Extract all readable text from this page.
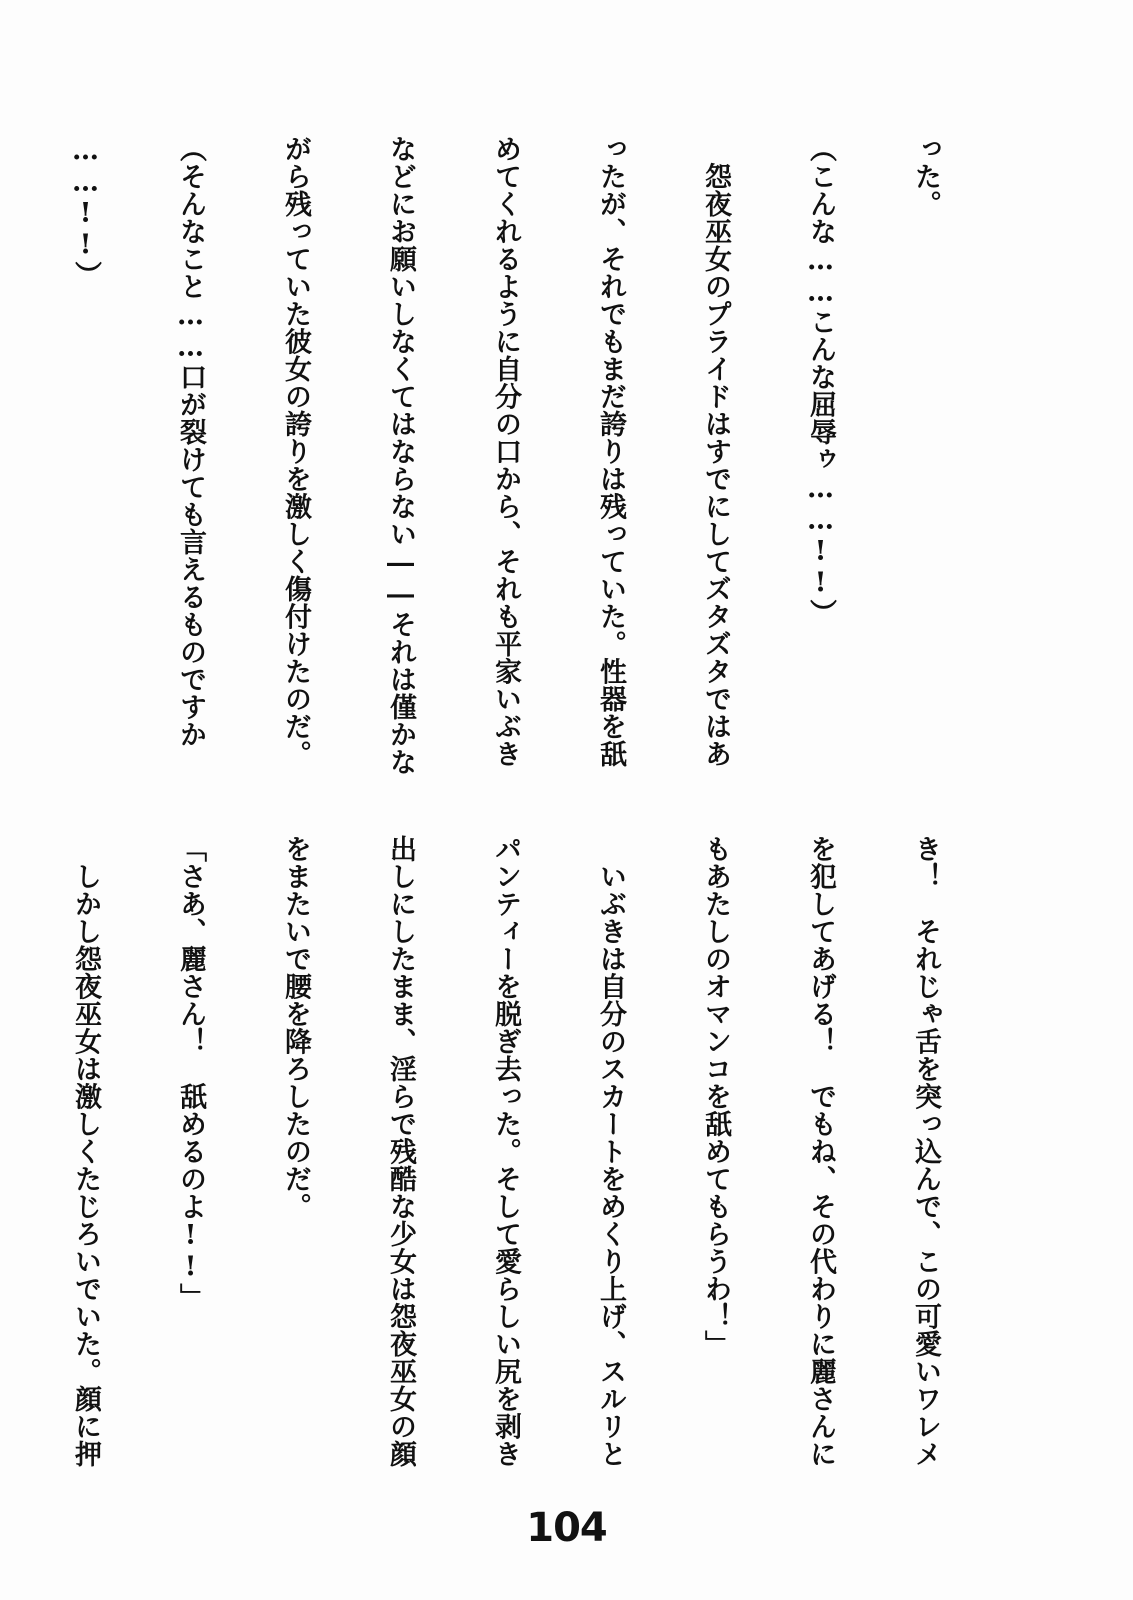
った。

（こんな……こんな屈辱ゥ……!!）

　怨夜巫女のプライドはすでにしてズタズタではあ

ったが、それでもまだ誇りは残っていた。性器を舐

めてくれるように自分の口から、それも平家いぶき

などにお願いしなくてはならない――それは僅かな

がら残っていた彼女の誇りを激しく傷付けたのだ。

（そんなこと……口が裂けても言えるものですか

……!!）

き！　それじゃ舌を突っ込んで、この可愛いワレメ

を犯してあげる！　でもね、その代わりに麗さんに

もあたしのオマンコを舐めてもらうわ！」

　いぶきは自分のスカートをめくり上げ、スルリと

パンティーを脱ぎ去った。そして愛らしい尻を剥き

出しにしたまま、淫らで残酷な少女は怨夜巫女の顔

をまたいで腰を降ろしたのだ。

「さあ、麗さん！　舐めるのよ!!」

　しかし怨夜巫女は激しくたじろいでいた。顔に押

104
